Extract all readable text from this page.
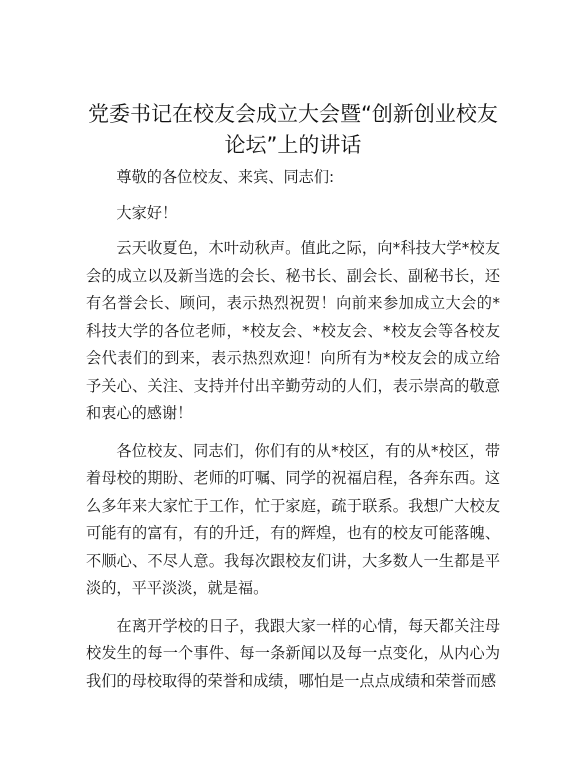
党委书记在校友会成立大会暨“创新创业校友论坛”上的讲话

尊敬的各位校友、来宾、同志们:

大家好！

云天收夏色，木叶动秋声。值此之际，向*科技大学*校友会的成立以及新当选的会长、秘书长、副会长、副秘书长，还有名誉会长、顾问，表示热烈祝贺！向前来参加成立大会的*科技大学的各位老师，*校友会、*校友会、*校友会等各校友会代表们的到来，表示热烈欢迎！向所有为*校友会的成立给予关心、关注、支持并付出辛勤劳动的人们，表示崇高的敬意和衷心的感谢！

各位校友、同志们，你们有的从*校区，有的从*校区，带着母校的期盼、老师的叮嘱、同学的祝福启程，各奔东西。这么多年来大家忙于工作，忙于家庭，疏于联系。我想广大校友可能有的富有，有的升迁，有的辉煌，也有的校友可能落魄、不顺心、不尽人意。我每次跟校友们讲，大多数人一生都是平淡的，平平淡淡，就是福。

在离开学校的日子，我跟大家一样的心情，每天都关注母校发生的每一个事件、每一条新闻以及每一点变化，从内心为我们的母校取得的荣誉和成绩，哪怕是一点点成绩和荣誉而感
